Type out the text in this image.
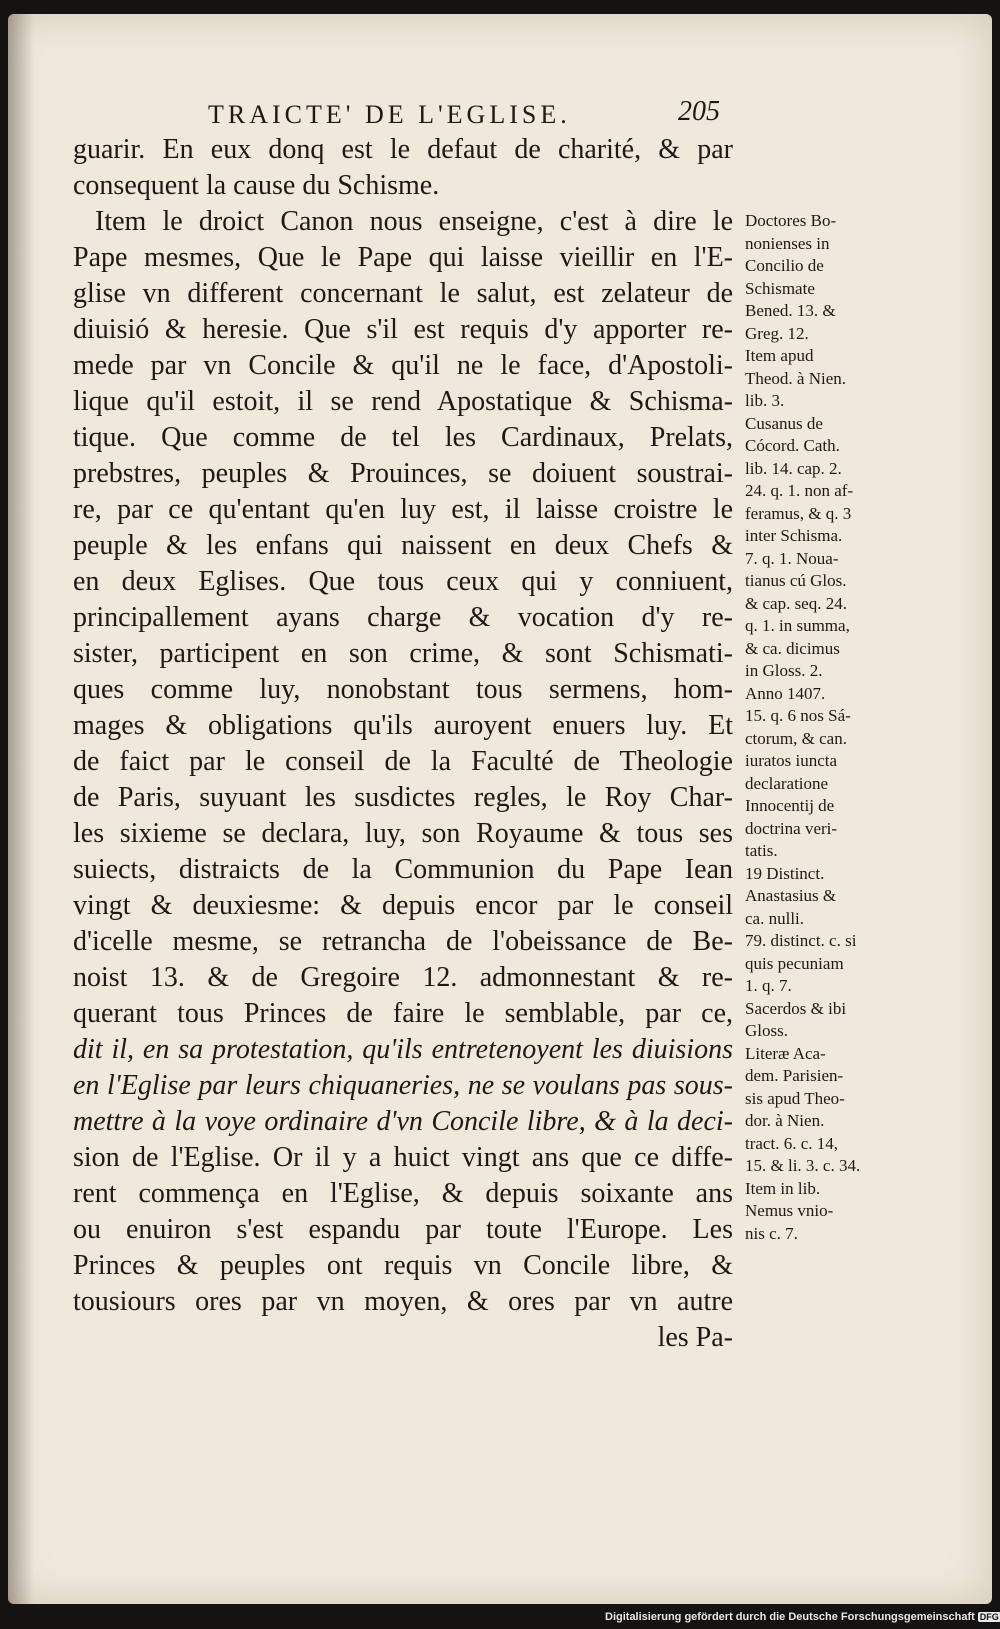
TRAICTE' DE L'EGLISE.	205
guarir. En eux donq est le defaut de charité, & par
consequent la cause du Schisme.
Item le droict Canon nous enseigne, c'est à dire le
Pape mesmes, Que le Pape qui laisse vieillir en l'E-
glise vn different concernant le salut, est zelateur de
diuisió & heresie. Que s'il est requis d'y apporter re-
mede par vn Concile & qu'il ne le face, d'Apostoli-
lique qu'il estoit, il se rend Apostatique & Schisma-
tique. Que comme de tel les Cardinaux, Prelats,
prebstres, peuples & Prouinces, se doiuent soustrai-
re, par ce qu'entant qu'en luy est, il laisse croistre le
peuple & les enfans qui naissent en deux Chefs &
en deux Eglises. Que tous ceux qui y conniuent,
principallement ayans charge & vocation d'y re-
sister, participent en son crime, & sont Schismati-
ques comme luy, nonobstant tous sermens, hom-
mages & obligations qu'ils auroyent enuers luy. Et
de faict par le conseil de la Faculté de Theologie
de Paris, suyuant les susdictes regles, le Roy Char-
les sixieme se declara, luy, son Royaume & tous ses
suiects, distraicts de la Communion du Pape Iean
vingt & deuxiesme: & depuis encor par le conseil
d'icelle mesme, se retrancha de l'obeissance de Be-
noist 13. & de Gregoire 12. admonnestant & re-
querant tous Princes de faire le semblable, par ce,
dit il, en sa protestation, qu'ils entretenoyent les diuisions
en l'Eglise par leurs chiquaneries, ne se voulans pas sous-
mettre à la voye ordinaire d'vn Concile libre, & à la deci-
sion de l'Eglise. Or il y a huict vingt ans que ce diffe-
rent commença en l'Eglise, & depuis soixante ans
ou enuiron s'est espandu par toute l'Europe. Les
Princes & peuples ont requis vn Concile libre, &
tousiours ores par vn moyen, & ores par vn autre
les Pa-
Doctores Bo-
nonienses in
Concilio de
Schismate
Bened. 13. &
Greg. 12.
Item apud
Theod. à Nien.
lib. 3.
Cusanus de
Cócord. Cath.
lib. 14. cap. 2.
24. q. 1. non af-
feramus, & q. 3
inter Schisma.
7. q. 1. Noua-
tianus cú Glos.
& cap. seq. 24.
q. 1. in summa,
& ca. dicimus
in Gloss. 2.
Anno 1407.
15. q. 6 nos Sá-
ctorum, & can.
iuratos iuncta
declaratione
Innocentij de
doctrina veri-
tatis.
19 Distinct.
Anastasius &
ca. nulli.
79. distinct. c. si
quis pecuniam
1. q. 7.
Sacerdos & ibi
Gloss.
Literæ Aca-
dem. Parisien-
sis apud Theo-
dor. à Nien.
tract. 6. c. 14,
15. & li. 3. c. 34.
Item in lib.
Nemus vnio-
nis c. 7.
Digitalisierung gefördert durch die Deutsche Forschungsgemeinschaft DFG
